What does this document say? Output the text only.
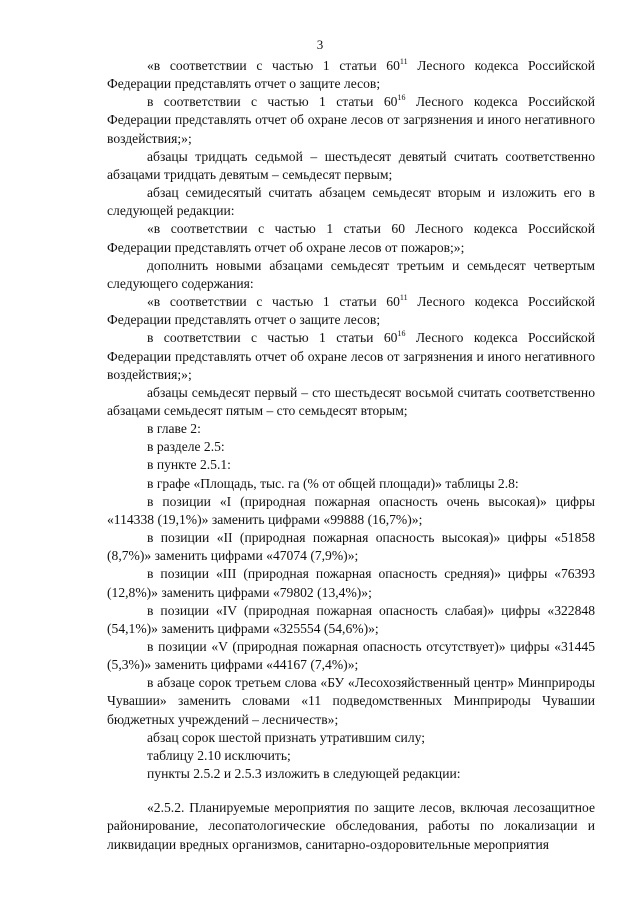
3

«в соответствии с частью 1 статьи $60^{11}$ Лесного кодекса Российской Федерации представлять отчет о защите лесов;

в соответствии с частью 1 статьи $60^{16}$ Лесного кодекса Российской Федерации представлять отчет об охране лесов от загрязнения и иного негативного воздействия;»;

абзацы тридцать седьмой – шестьдесят девятый считать соответственно абзацами тридцать девятым – семьдесят первым;

абзац семидесятый считать абзацем семьдесят вторым и изложить его в следующей редакции:

«в соответствии с частью 1 статьи 60 Лесного кодекса Российской Федерации представлять отчет об охране лесов от пожаров;»;

дополнить новыми абзацами семьдесят третьим и семьдесят четвертым следующего содержания:

«в соответствии с частью 1 статьи $60^{11}$ Лесного кодекса Российской Федерации представлять отчет о защите лесов;

в соответствии с частью 1 статьи $60^{16}$ Лесного кодекса Российской Федерации представлять отчет об охране лесов от загрязнения и иного негативного воздействия;»;

абзацы семьдесят первый – сто шестьдесят восьмой считать соответственно абзацами семьдесят пятым – сто семьдесят вторым;

в главе 2:

в разделе 2.5:

в пункте 2.5.1:

в графе «Площадь, тыс. га (% от общей площади)» таблицы 2.8:

в позиции «I (природная пожарная опасность очень высокая)» цифры «114338 (19,1%)» заменить цифрами «99888 (16,7%)»;

в позиции «II (природная пожарная опасность высокая)» цифры «51858 (8,7%)» заменить цифрами «47074 (7,9%)»;

в позиции «III (природная пожарная опасность средняя)» цифры «76393 (12,8%)» заменить цифрами «79802 (13,4%)»;

в позиции «IV (природная пожарная опасность слабая)» цифры «322848 (54,1%)» заменить цифрами «325554 (54,6%)»;

в позиции «V (природная пожарная опасность отсутствует)» цифры «31445 (5,3%)» заменить цифрами «44167 (7,4%)»;

в абзаце сорок третьем слова «БУ «Лесохозяйственный центр» Минприроды Чувашии» заменить словами «11 подведомственных Минприроды Чувашии бюджетных учреждений – лесничеств»;

абзац сорок шестой признать утратившим силу;

таблицу 2.10 исключить;

пункты 2.5.2 и 2.5.3 изложить в следующей редакции:

«2.5.2. Планируемые мероприятия по защите лесов, включая лесозащитное районирование, лесопатологические обследования, работы по локализации и ликвидации вредных организмов, санитарно-оздоровительные мероприятия
